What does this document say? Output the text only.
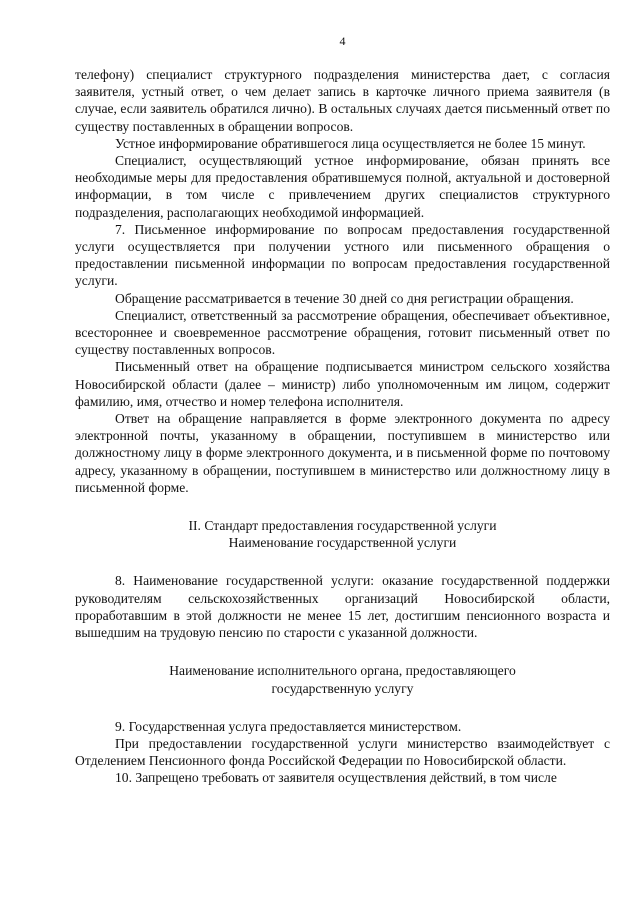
4

телефону) специалист структурного подразделения министерства дает, с согласия заявителя, устный ответ, о чем делает запись в карточке личного приема заявителя (в случае, если заявитель обратился лично). В остальных случаях дается письменный ответ по существу поставленных в обращении вопросов.

Устное информирование обратившегося лица осуществляется не более 15 минут.

Специалист, осуществляющий устное информирование, обязан принять все необходимые меры для предоставления обратившемуся полной, актуальной и достоверной информации, в том числе с привлечением других специалистов структурного подразделения, располагающих необходимой информацией.

7. Письменное информирование по вопросам предоставления государственной услуги осуществляется при получении устного или письменного обращения о предоставлении письменной информации по вопросам предоставления государственной услуги.

Обращение рассматривается в течение 30 дней со дня регистрации обращения.

Специалист, ответственный за рассмотрение обращения, обеспечивает объективное, всестороннее и своевременное рассмотрение обращения, готовит письменный ответ по существу поставленных вопросов.

Письменный ответ на обращение подписывается министром сельского хозяйства Новосибирской области (далее – министр) либо уполномоченным им лицом, содержит фамилию, имя, отчество и номер телефона исполнителя.

Ответ на обращение направляется в форме электронного документа по адресу электронной почты, указанному в обращении, поступившем в министерство или должностному лицу в форме электронного документа, и в письменной форме по почтовому адресу, указанному в обращении, поступившем в министерство или должностному лицу в письменной форме.

II. Стандарт предоставления государственной услуги

Наименование государственной услуги

8. Наименование государственной услуги: оказание государственной поддержки руководителям сельскохозяйственных организаций Новосибирской области, проработавшим в этой должности не менее 15 лет, достигшим пенсионного возраста и вышедшим на трудовую пенсию по старости с указанной должности.

Наименование исполнительного органа, предоставляющего

государственную услугу

9. Государственная услуга предоставляется министерством.

При предоставлении государственной услуги министерство взаимодействует с Отделением Пенсионного фонда Российской Федерации по Новосибирской области.

10. Запрещено требовать от заявителя осуществления действий, в том числе
